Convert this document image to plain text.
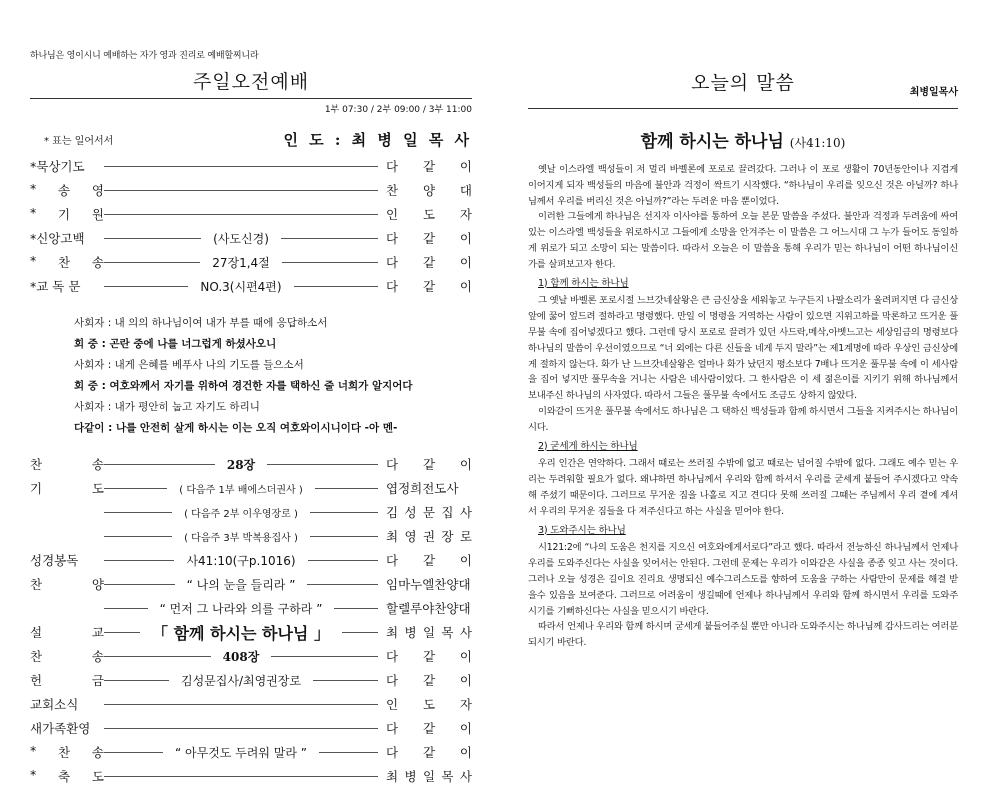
하나님은 영이시니 예배하는 자가 영과 진리로 예배할찌니라

주일오전예배
1부 07:30 / 2부 09:00 / 3부 11:00
* 표는 일어서서	인 도 : 최 병 일 목 사
*묵상기도	다 같 이
* 송 영	찬 양 대
* 기 원	인 도 자
*신앙고백	(사도신경)	다 같 이
* 찬 송	27장1,4절	다 같 이
*교 독 문	NO.3(시편4편)	다 같 이
사회자 : 내 의의 하나님이여 내가 부를 때에 응답하소서
회 중 : 곤란 중에 나를 너그럽게 하셨사오니
사회자 : 내게 은혜를 베푸사 나의 기도를 들으소서
회 중 : 여호와께서 자기를 위하여 경건한 자를 택하신 줄 너희가 알지어다
사회자 : 내가 평안히 눕고 자기도 하리니
다같이 : 나를 안전히 살게 하시는 이는 오직 여호와이시니이다 -아 멘-
찬	송	28장	다 같 이
기	도	( 다음주 1부 배에스더권사 )	엽정희전도사
( 다음주 2부 이우영장로 )	김 성 문 집 사
( 다음주 3부 박복용집사 )	최 영 권 장 로
성경봉독	사41:10(구p.1016)	다 같 이
찬	양	“ 나의 눈을 들리라 ”	임마누엘찬양대
“ 먼저 그 나라와 의를 구하라 ”	할렐루야찬양대
설	교	「 함께 하시는 하나님 」	최 병 일 목 사
찬	송	408장	다 같 이
헌	금	김성문집사/최영권장로	다 같 이
교회소식	인 도 자
새가족환영	다 같 이
* 찬 송	“ 아무것도 두려워 말라 ”	다 같 이
* 축 도	최 병 일 목 사
오늘의 말씀	최병일목사
함께 하시는 하나님 (사41:10)

옛날 이스라엘 백성들이 저 멀리 바벨론에 포로로 끌려갔다. 그러나 이 포로 생활이 70년동안이나 지겹게 이어지게 되자 백성들의 마음에 불안과 걱정이 싹트기 시작했다. “하나님이 우리를 잊으신 것은 아닐까? 하나님께서 우리를 버리신 것은 아닐까?”라는 두려운 마음 뿐이었다.

이러한 그들에게 하나님은 선지자 이사야를 통하여 오늘 본문 말씀을 주셨다. 불안과 걱정과 두려움에 싸여있는 이스라엘 백성들을 위로하시고 그들에게 소망을 안겨주는 이 말씀은 그 어느시대 그 누가 들어도 동일하게 위로가 되고 소망이 되는 말씀이다. 따라서 오늘은 이 말씀을 통해 우리가 믿는 하나님이 어떤 하나님이신가를 살펴보고자 한다.

1) 함께 하시는 하나님

그 옛날 바벨론 포로시절 느브갓네살왕은 큰 금신상을 세워놓고 누구든지 나팔소리가 울려퍼지면 다 금신상 앞에 꿇어 엎드려 절하라고 명령했다. 만일 이 명령을 거역하는 사람이 있으면 지위고하를 막론하고 뜨거운 풀무불 속에 집어넣겠다고 했다. 그런데 당시 포로로 끌려가 있던 사드락,메삭,아벳느고는 세상임금의 명령보다 하나님의 말씀이 우선이였으므로 “너 외에는 다른 신들을 네게 두지 말라”는 제1계명에 따라 우상인 금신상에게 절하지 않는다. 화가 난 느브갓네살왕은 얼마나 화가 났던지 평소보다 7배나 뜨거운 풀무불 속에 이 세사람을 집어 넣지만 풀무속을 거니는 사람은 네사람이었다. 그 한사람은 이 세 젊은이를 지키기 위해 하나님께서 보내주신 하나님의 사자였다. 따라서 그들은 풀무불 속에서도 조금도 상하지 않았다.

이와같이 뜨거운 풀무불 속에서도 하나님은 그 택하신 백성들과 함께 하시면서 그들을 지켜주시는 하나님이시다.

2) 굳세게 하시는 하나님

우리 인간은 연약하다. 그래서 때로는 쓰러질 수밖에 없고 때로는 넘어질 수밖에 없다. 그래도 예수 믿는 우리는 두려워할 필요가 없다. 왜냐하면 하나님께서 우리와 함께 하셔서 우리를 굳세게 붙들어 주시겠다고 약속해 주셨기 때문이다. 그러므로 무거운 짐을 나홀로 지고 견디다 못해 쓰러질 그때는 주님께서 우리 곁에 계셔서 우리의 무거운 짐들을 다 져주신다고 하는 사실을 믿어야 한다.

3) 도와주시는 하나님

시121:2에 “나의 도움은 천지를 지으신 여호와에게서로다”라고 했다. 따라서 전능하신 하나님께서 언제나 우리를 도와주신다는 사실을 잊어서는 안된다. 그런데 문제는 우리가 이와같은 사실을 종종 잊고 사는 것이다. 그러나 오늘 성경은 길이요 진리요 생명되신 예수그리스도를 향하여 도움을 구하는 사람만이 문제를 해결 받을수 있음을 보여준다. 그러므로 어려움이 생길때에 언제나 하나님께서 우리와 함께 하시면서 우리를 도와주시기를 기뻐하신다는 사실을 믿으시기 바란다.

따라서 언제나 우리와 함께 하시며 굳세게 붙들어주실 뿐만 아니라 도와주시는 하나님께 감사드리는 여러분 되시기 바란다.
